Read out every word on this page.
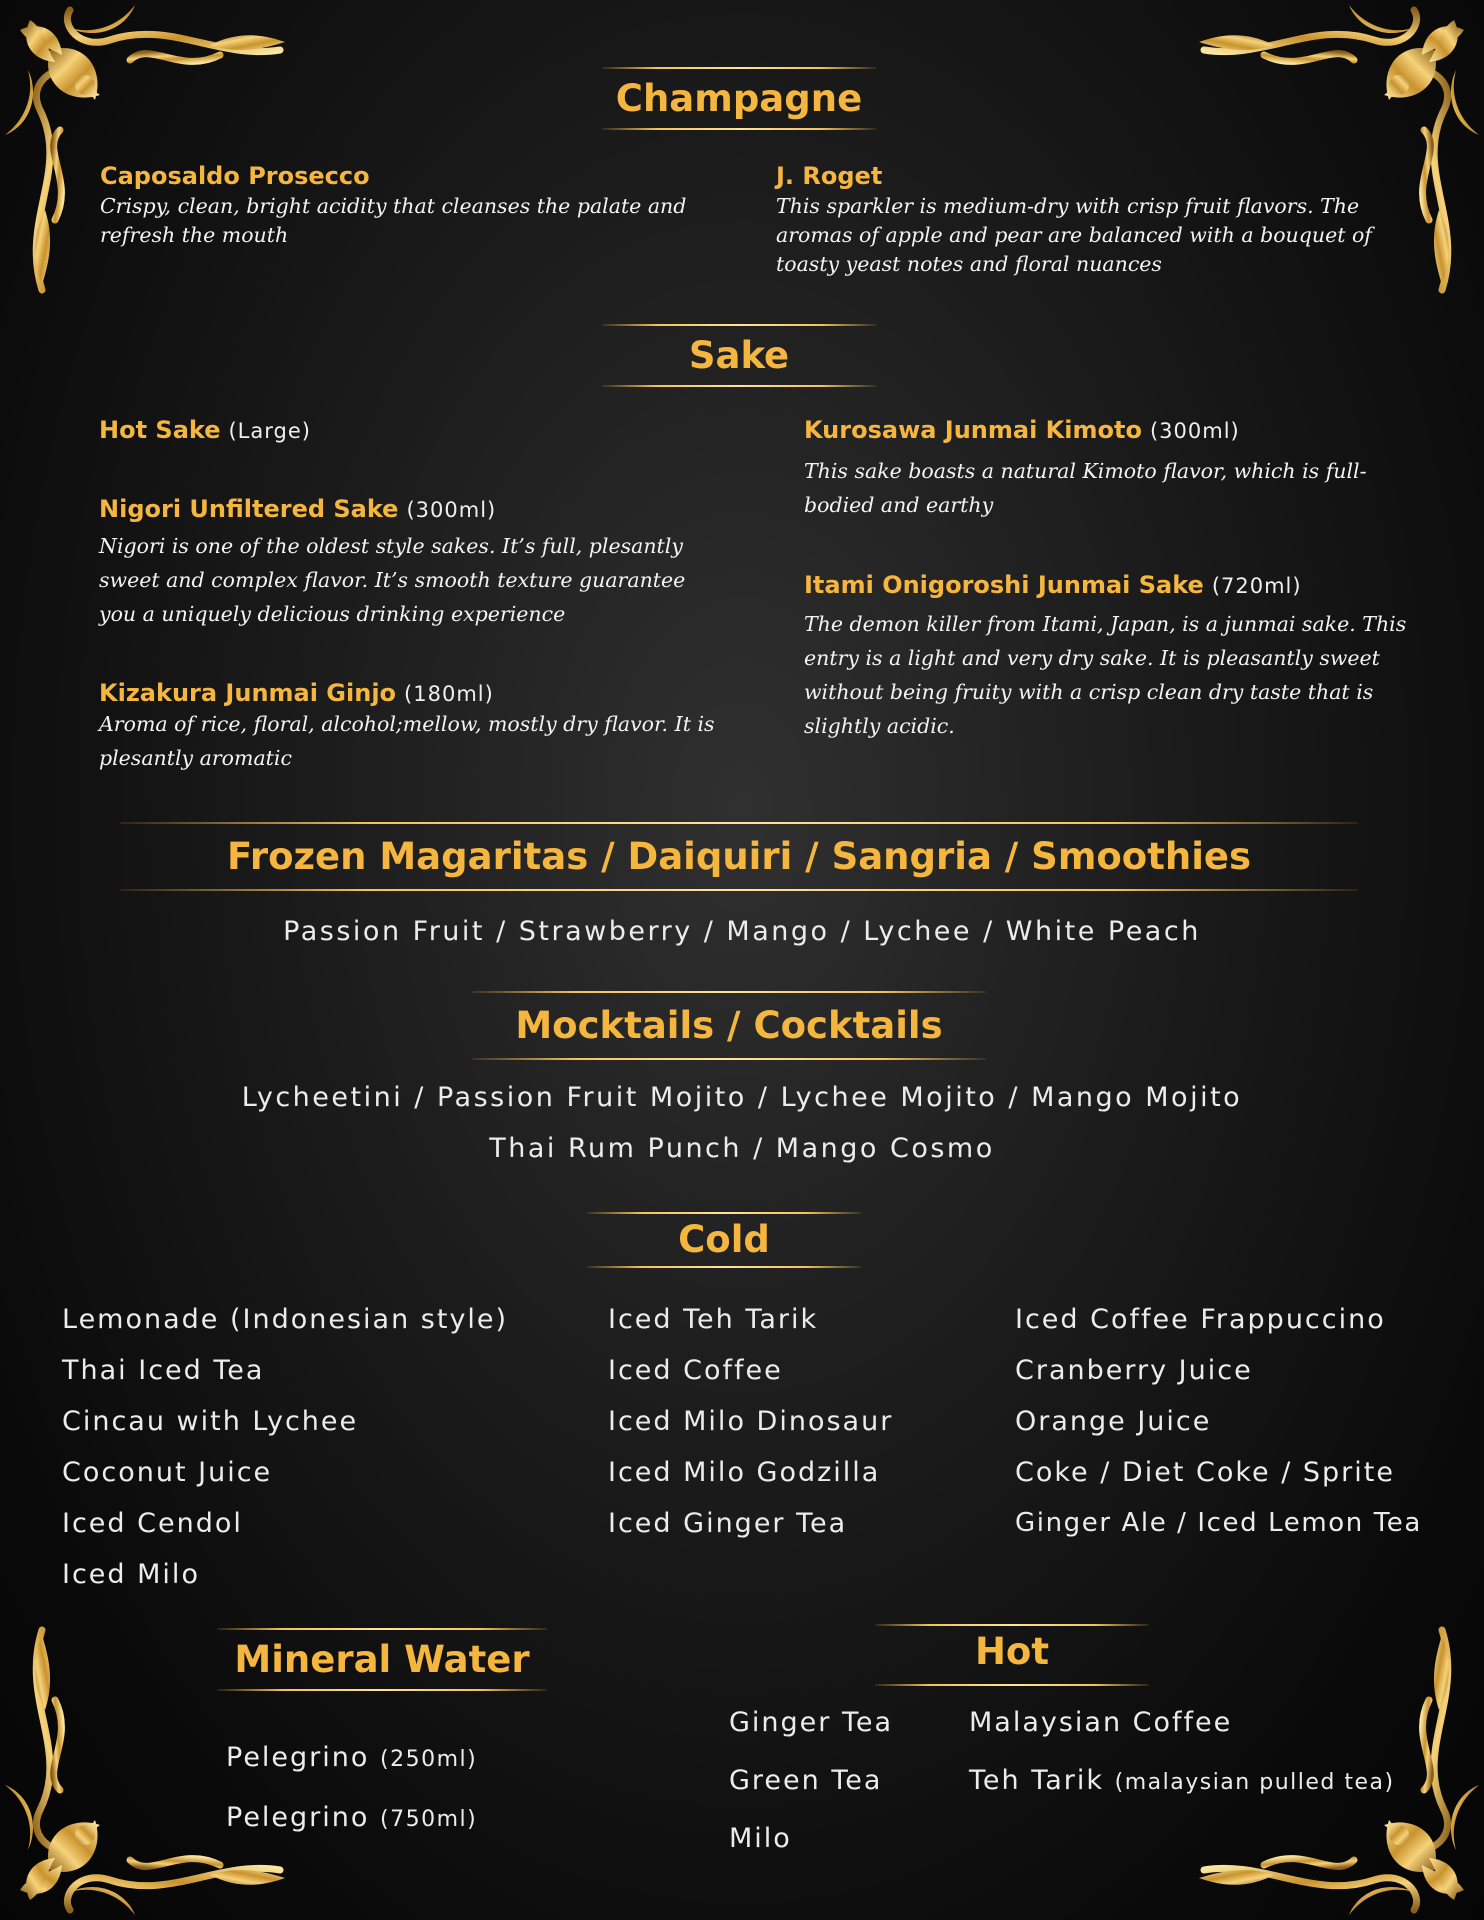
Champagne
Caposaldo Prosecco
Crispy, clean, bright acidity that cleanses the palate and refresh the mouth
J. Roget
This sparkler is medium-dry with crisp fruit flavors. The aromas of apple and pear are balanced with a bouquet of toasty yeast notes and floral nuances
Sake
Hot Sake (Large)
Nigori Unfiltered Sake (300ml)
Nigori is one of the oldest style sakes. It’s full, plesantly sweet and complex flavor. It’s smooth texture guarantee you a uniquely delicious drinking experience
Kizakura Junmai Ginjo (180ml)
Aroma of rice, floral, alcohol;mellow, mostly dry flavor. It is plesantly aromatic
Kurosawa Junmai Kimoto (300ml)
This sake boasts a natural Kimoto flavor, which is full-bodied and earthy
Itami Onigoroshi Junmai Sake (720ml)
The demon killer from Itami, Japan, is a junmai sake. This entry is a light and very dry sake. It is pleasantly sweet without being fruity with a crisp clean dry taste that is slightly acidic.
Frozen Magaritas / Daiquiri / Sangria / Smoothies
Passion Fruit / Strawberry / Mango / Lychee / White Peach
Mocktails / Cocktails
Lycheetini / Passion Fruit Mojito / Lychee Mojito / Mango Mojito
Thai Rum Punch / Mango Cosmo
Cold
Lemonade (Indonesian style)
Thai Iced Tea
Cincau with Lychee
Coconut Juice
Iced Cendol
Iced Milo
Iced Teh Tarik
Iced Coffee
Iced Milo Dinosaur
Iced Milo Godzilla
Iced Ginger Tea
Iced Coffee Frappuccino
Cranberry Juice
Orange Juice
Coke / Diet Coke / Sprite
Ginger Ale / Iced Lemon Tea
Mineral Water
Pelegrino (250ml)
Pelegrino (750ml)
Hot
Ginger Tea
Green Tea
Milo
Malaysian Coffee
Teh Tarik (malaysian pulled tea)
